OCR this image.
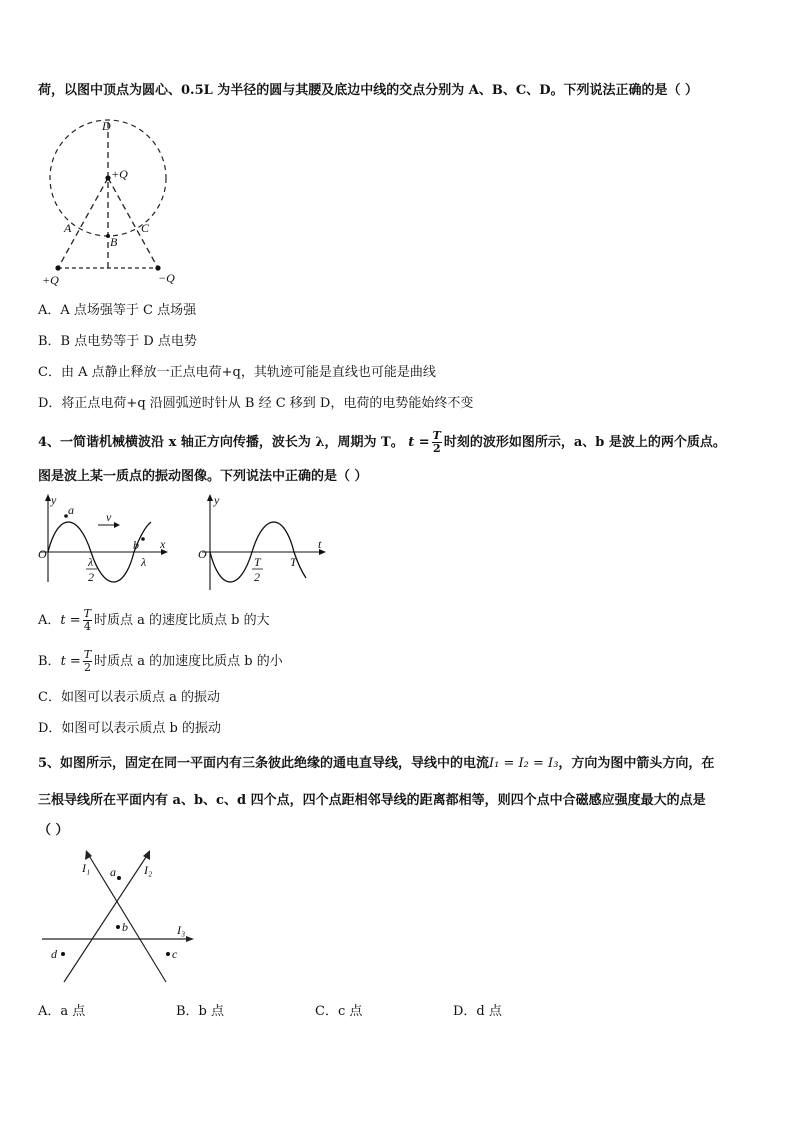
荷，以图中顶点为圆心、0.5L 为半径的圆与其腰及底边中线的交点分别为 A、B、C、D。下列说法正确的是（ ）
D
+Q
A
B
C
+Q	−Q
A．A 点场强等于 C 点场强
B．B 点电势等于 D 点电势
C．由 A 点静止释放一正点电荷+q，其轨迹可能是直线也可能是曲线
D．将正点电荷+q 沿圆弧逆时针从 B 经 C 移到 D，电荷的电势能始终不变
4、一简谐机械横波沿 x 轴正方向传播，波长为 λ，周期为 T。 $t = \frac{T}{2}$ 时刻的波形如图所示，a、b 是波上的两个质点。
图是波上某一质点的振动图像。下列说法中正确的是（ ）
y
a	v
O
b x
λ
2
λ
y
O
t
T
2
T
A．$t = \frac{T}{4}$ 时质点 a 的速度比质点 b 的大
B．$t = \frac{T}{2}$ 时质点 a 的加速度比质点 b 的小
C．如图可以表示质点 a 的振动
D．如图可以表示质点 b 的振动
5、如图所示，固定在同一平面内有三条彼此绝缘的通电直导线，导线中的电流I₁ = I₂ = I₃，方向为图中箭头方向，在
三根导线所在平面内有 a、b、c、d 四个点，四个点距相邻导线的距离都相等，则四个点中合磁感应强度最大的点是
（ ）
I₁	I₂
I₃
a
b
c
d
A．a 点	B．b 点	C．c 点	D．d 点
